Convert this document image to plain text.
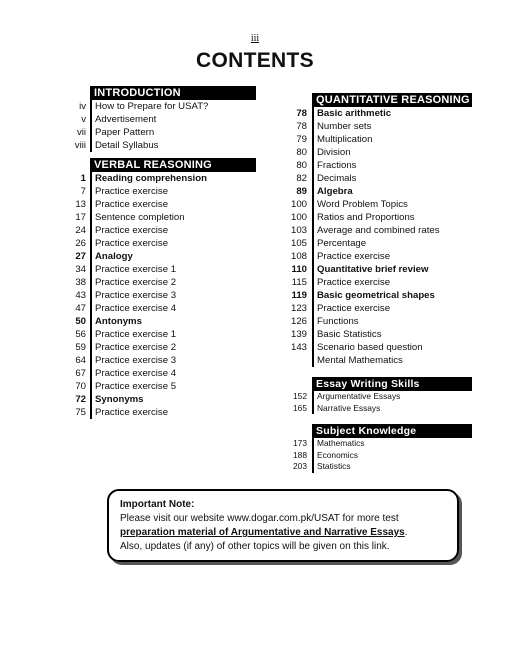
iii
CONTENTS
INTRODUCTION
iv How to Prepare for USAT?
v Advertisement
vii Paper Pattern
viii Detail Syllabus
VERBAL REASONING
1 Reading comprehension
7 Practice exercise
13 Practice exercise
17 Sentence completion
24 Practice exercise
26 Practice exercise
27 Analogy
34 Practice exercise 1
38 Practice exercise 2
43 Practice exercise 3
47 Practice exercise 4
50 Antonyms
56 Practice exercise 1
59 Practice exercise 2
64 Practice exercise 3
67 Practice exercise 4
70 Practice exercise 5
72 Synonyms
75 Practice exercise
QUANTITATIVE REASONING
78	Basic arithmetic
78	Number sets
79	Multiplication
80	Division
80	Fractions
82	Decimals
89	Algebra
100	Word Problem Topics
100	Ratios and Proportions
103	Average and combined rates
105	Percentage
108	Practice exercise
110	Quantitative brief review
115	Practice exercise
119	Basic geometrical shapes
123	Practice exercise
126	Functions
139	Basic Statistics
143	Scenario based question
Mental Mathematics
Essay Writing Skills
152	Argumentative Essays
165	Narrative Essays
Subject Knowledge
173	Mathematics
188	Economics
203	Statistics
Important Note:
Please visit our website www.dogar.com.pk/USAT for more test
preparation material of Argumentative and Narrative Essays.
Also, updates (if any) of other topics will be given on this link.
